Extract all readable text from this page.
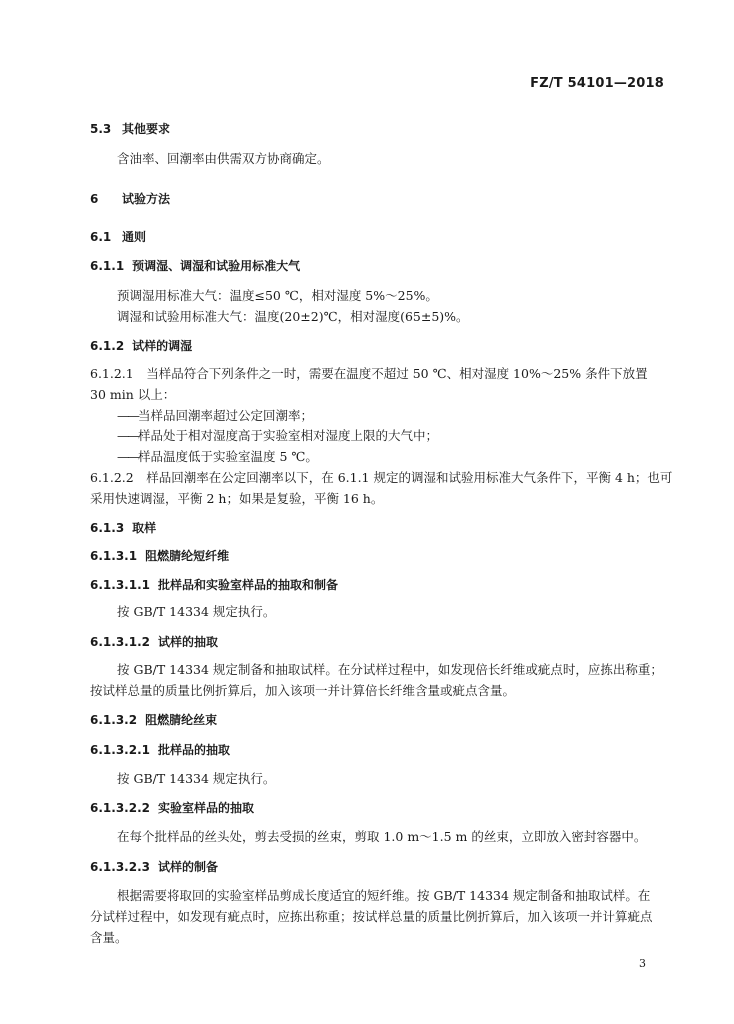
FZ/T 54101—2018
5.3 其他要求
含油率、回潮率由供需双方协商确定。
6 试验方法
6.1 通则
6.1.1 预调湿、调湿和试验用标准大气
预调湿用标准大气：温度≤50 ℃，相对湿度 5%～25%。
调湿和试验用标准大气：温度(20±2)℃，相对湿度(65±5)%。
6.1.2 试样的调湿
6.1.2.1　当样品符合下列条件之一时，需要在温度不超过 50 ℃、相对湿度 10%～25% 条件下放置
30 min 以上：
——当样品回潮率超过公定回潮率；
——样品处于相对湿度高于实验室相对湿度上限的大气中；
——样品温度低于实验室温度 5 ℃。
6.1.2.2　样品回潮率在公定回潮率以下，在 6.1.1 规定的调湿和试验用标准大气条件下，平衡 4 h；也可
采用快速调湿，平衡 2 h；如果是复验，平衡 16 h。
6.1.3 取样
6.1.3.1 阻燃腈纶短纤维
6.1.3.1.1 批样品和实验室样品的抽取和制备
按 GB/T 14334 规定执行。
6.1.3.1.2 试样的抽取
按 GB/T 14334 规定制备和抽取试样。在分试样过程中，如发现倍长纤维或疵点时，应拣出称重；
按试样总量的质量比例折算后，加入该项一并计算倍长纤维含量或疵点含量。
6.1.3.2 阻燃腈纶丝束
6.1.3.2.1 批样品的抽取
按 GB/T 14334 规定执行。
6.1.3.2.2 实验室样品的抽取
在每个批样品的丝头处，剪去受损的丝束，剪取 1.0 m～1.5 m 的丝束，立即放入密封容器中。
6.1.3.2.3 试样的制备
根据需要将取回的实验室样品剪成长度适宜的短纤维。按 GB/T 14334 规定制备和抽取试样。在
分试样过程中，如发现有疵点时，应拣出称重；按试样总量的质量比例折算后，加入该项一并计算疵点
含量。
3
